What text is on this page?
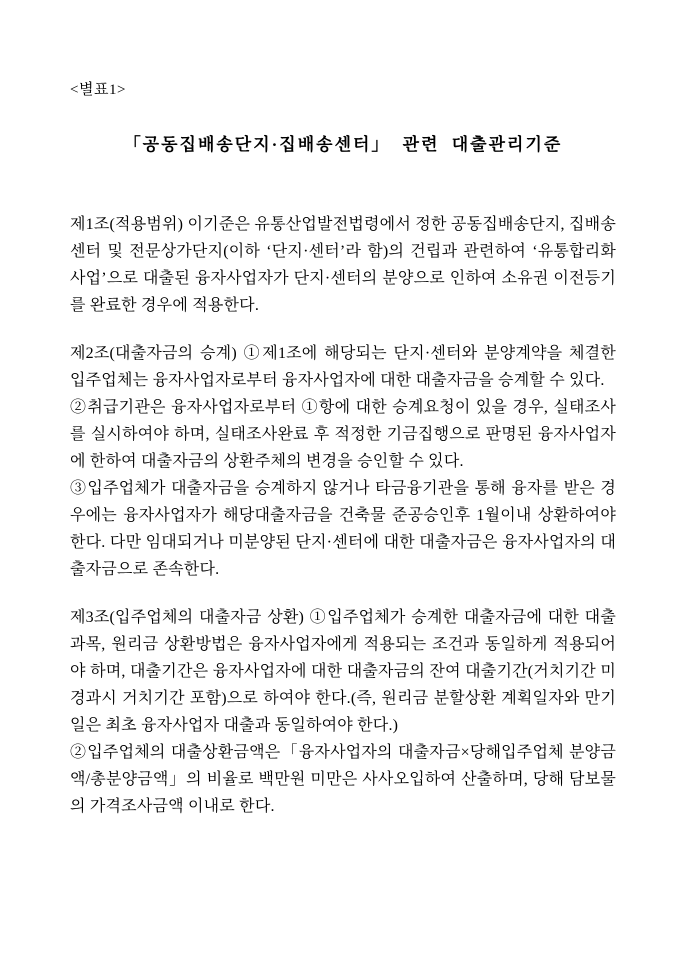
<별표1>
「공동집배송단지·집배송센터」 관련 대출관리기준

제1조(적용범위) 이기준은 유통산업발전법령에서 정한 공동집배송단지, 집배송센터 및 전문상가단지(이하 ‘단지·센터’라 함)의 건립과 관련하여 ‘유통합리화사업’으로 대출된 융자사업자가 단지·센터의 분양으로 인하여 소유권 이전등기를 완료한 경우에 적용한다.

제2조(대출자금의 승계) ①제1조에 해당되는 단지·센터와 분양계약을 체결한 입주업체는 융자사업자로부터 융자사업자에 대한 대출자금을 승계할 수 있다.

②취급기관은 융자사업자로부터 ①항에 대한 승계요청이 있을 경우, 실태조사를 실시하여야 하며, 실태조사완료 후 적정한 기금집행으로 판명된 융자사업자에 한하여 대출자금의 상환주체의 변경을 승인할 수 있다.

③입주업체가 대출자금을 승계하지 않거나 타금융기관을 통해 융자를 받은 경우에는 융자사업자가 해당대출자금을 건축물 준공승인후 1월이내 상환하여야 한다. 다만 임대되거나 미분양된 단지·센터에 대한 대출자금은 융자사업자의 대출자금으로 존속한다.

제3조(입주업체의 대출자금 상환) ①입주업체가 승계한 대출자금에 대한 대출과목, 원리금 상환방법은 융자사업자에게 적용되는 조건과 동일하게 적용되어야 하며, 대출기간은 융자사업자에 대한 대출자금의 잔여 대출기간(거치기간 미경과시 거치기간 포함)으로 하여야 한다.(즉, 원리금 분할상환 계획일자와 만기일은 최초 융자사업자 대출과 동일하여야 한다.)

②입주업체의 대출상환금액은「융자사업자의 대출자금×당해입주업체 분양금액/총분양금액」의 비율로 백만원 미만은 사사오입하여 산출하며, 당해 담보물의 가격조사금액 이내로 한다.
